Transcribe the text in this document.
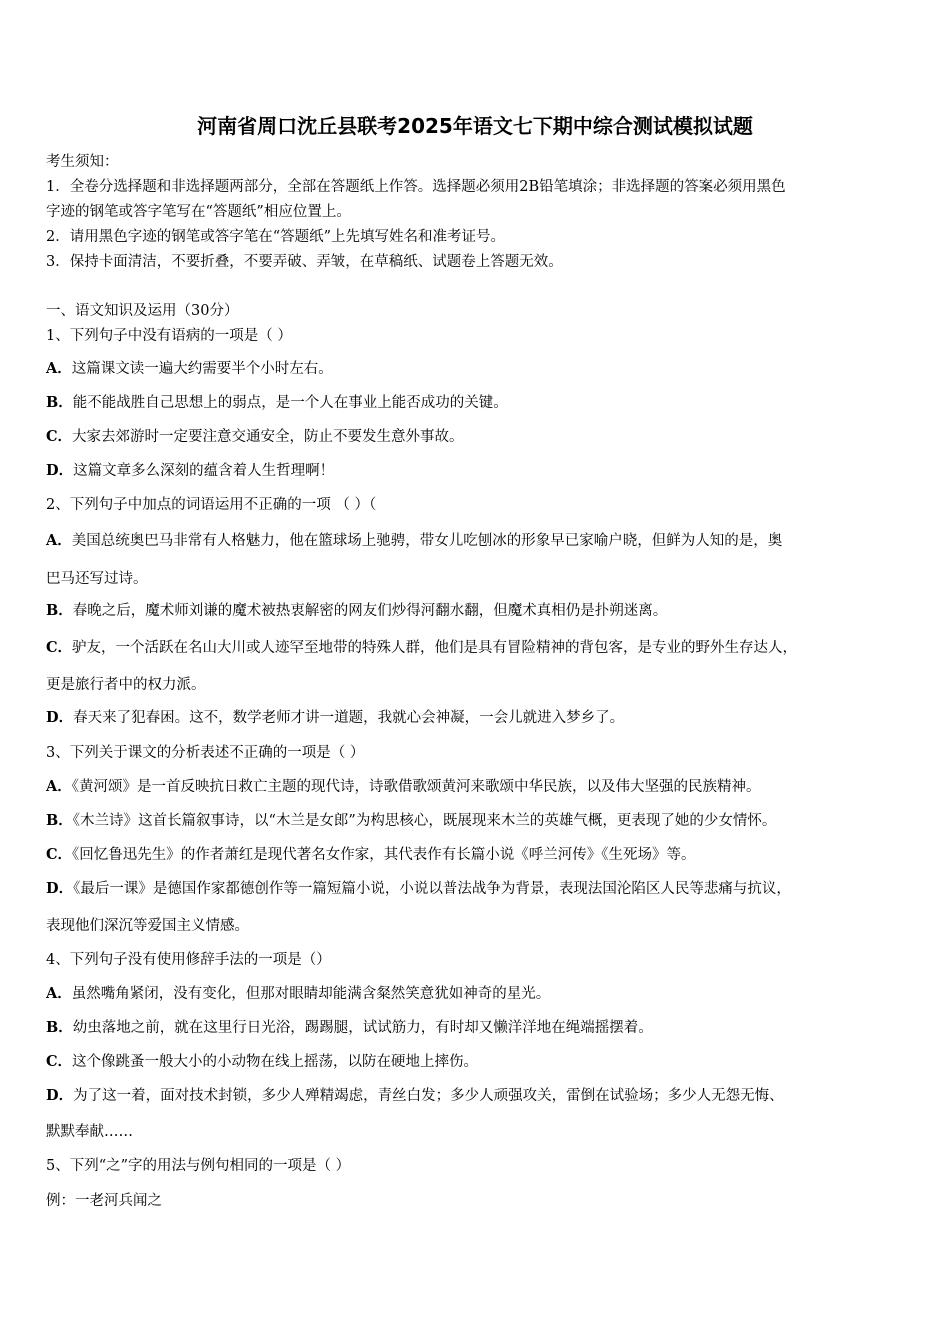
河南省周口沈丘县联考2025年语文七下期中综合测试模拟试题
考生须知：
1．全卷分选择题和非选择题两部分，全部在答题纸上作答。选择题必须用2B铅笔填涂；非选择题的答案必须用黑色
字迹的钢笔或答字笔写在“答题纸”相应位置上。
2．请用黑色字迹的钢笔或答字笔在“答题纸”上先填写姓名和准考证号。
3．保持卡面清洁，不要折叠，不要弄破、弄皱，在草稿纸、试题卷上答题无效。
一、语文知识及运用（30分）
1、下列句子中没有语病的一项是（ ）
A．这篇课文读一遍大约需要半个小时左右。
B．能不能战胜自己思想上的弱点，是一个人在事业上能否成功的关键。
C．大家去郊游时一定要注意交通安全，防止不要发生意外事故。
D．这篇文章多么深刻的蕴含着人生哲理啊！
2、下列句子中加点的词语运用不正确的一项 （ ）（
A．美国总统奥巴马非常有人格魅力，他在篮球场上驰骋，带女儿吃刨冰的形象早已家喻户晓，但鲜为人知的是，奥
巴马还写过诗。
B．春晚之后，魔术师刘谦的魔术被热衷解密的网友们炒得河翻水翻，但魔术真相仍是扑朔迷离。
C．驴友，一个活跃在名山大川或人迹罕至地带的特殊人群，他们是具有冒险精神的背包客，是专业的野外生存达人，
更是旅行者中的权力派。
D．春天来了犯春困。这不，数学老师才讲一道题，我就心会神凝，一会儿就进入梦乡了。
3、下列关于课文的分析表述不正确的一项是（ ）
A．《黄河颂》是一首反映抗日救亡主题的现代诗，诗歌借歌颂黄河来歌颂中华民族，以及伟大坚强的民族精神。
B．《木兰诗》这首长篇叙事诗，以“木兰是女郎”为构思核心，既展现来木兰的英雄气概，更表现了她的少女情怀。
C．《回忆鲁迅先生》的作者萧红是现代著名女作家，其代表作有长篇小说《呼兰河传》《生死场》等。
D．《最后一课》是德国作家都德创作等一篇短篇小说，小说以普法战争为背景，表现法国沦陷区人民等悲痛与抗议，
表现他们深沉等爱国主义情感。
4、下列句子没有使用修辞手法的一项是（）
A．虽然嘴角紧闭，没有变化，但那对眼睛却能满含粲然笑意犹如神奇的星光。
B．幼虫落地之前，就在这里行日光浴，踢踢腿，试试筋力，有时却又懒洋洋地在绳端摇摆着。
C．这个像跳蚤一般大小的小动物在线上摇荡，以防在硬地上摔伤。
D．为了这一着，面对技术封锁，多少人殚精竭虑，青丝白发；多少人顽强攻关，雷倒在试验场；多少人无怨无悔、
默默奉献……
5、下列“之”字的用法与例句相同的一项是（ ）
例：一老河兵闻之
